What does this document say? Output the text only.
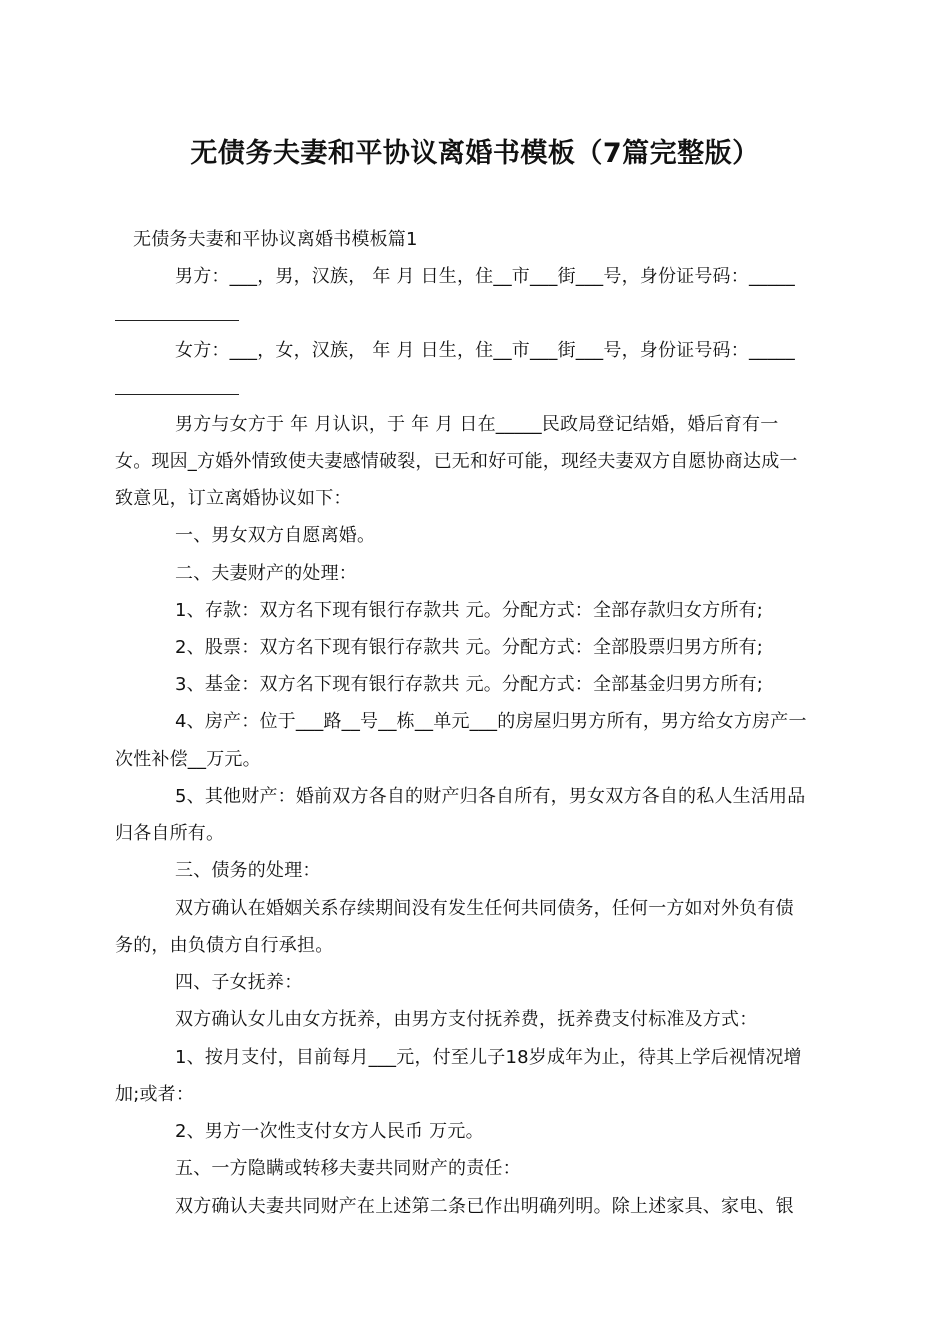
无债务夫妻和平协议离婚书模板（7篇完整版）
无债务夫妻和平协议离婚书模板篇1
男方：___，男，汉族， 年 月 日生，住__市___街___号，身份证号码：_____
女方：___，女，汉族， 年 月 日生，住__市___街___号，身份证号码：_____
男方与女方于 年 月认识，于 年 月 日在_____民政局登记结婚，婚后育有一
女。现因_方婚外情致使夫妻感情破裂，已无和好可能，现经夫妻双方自愿协商达成一
致意见，订立离婚协议如下：
一、男女双方自愿离婚。
二、夫妻财产的处理：
1、存款：双方名下现有银行存款共 元。分配方式：全部存款归女方所有;
2、股票：双方名下现有银行存款共 元。分配方式：全部股票归男方所有;
3、基金：双方名下现有银行存款共 元。分配方式：全部基金归男方所有;
4、房产：位于___路__号__栋__单元___的房屋归男方所有，男方给女方房产一
次性补偿__万元。
5、其他财产：婚前双方各自的财产归各自所有，男女双方各自的私人生活用品
归各自所有。
三、债务的处理：
双方确认在婚姻关系存续期间没有发生任何共同债务，任何一方如对外负有债
务的，由负债方自行承担。
四、子女抚养：
双方确认女儿由女方抚养，由男方支付抚养费，抚养费支付标准及方式：
1、按月支付，目前每月___元，付至儿子18岁成年为止，待其上学后视情况增
加;或者：
2、男方一次性支付女方人民币 万元。
五、一方隐瞒或转移夫妻共同财产的责任：
双方确认夫妻共同财产在上述第二条已作出明确列明。除上述家具、家电、银
